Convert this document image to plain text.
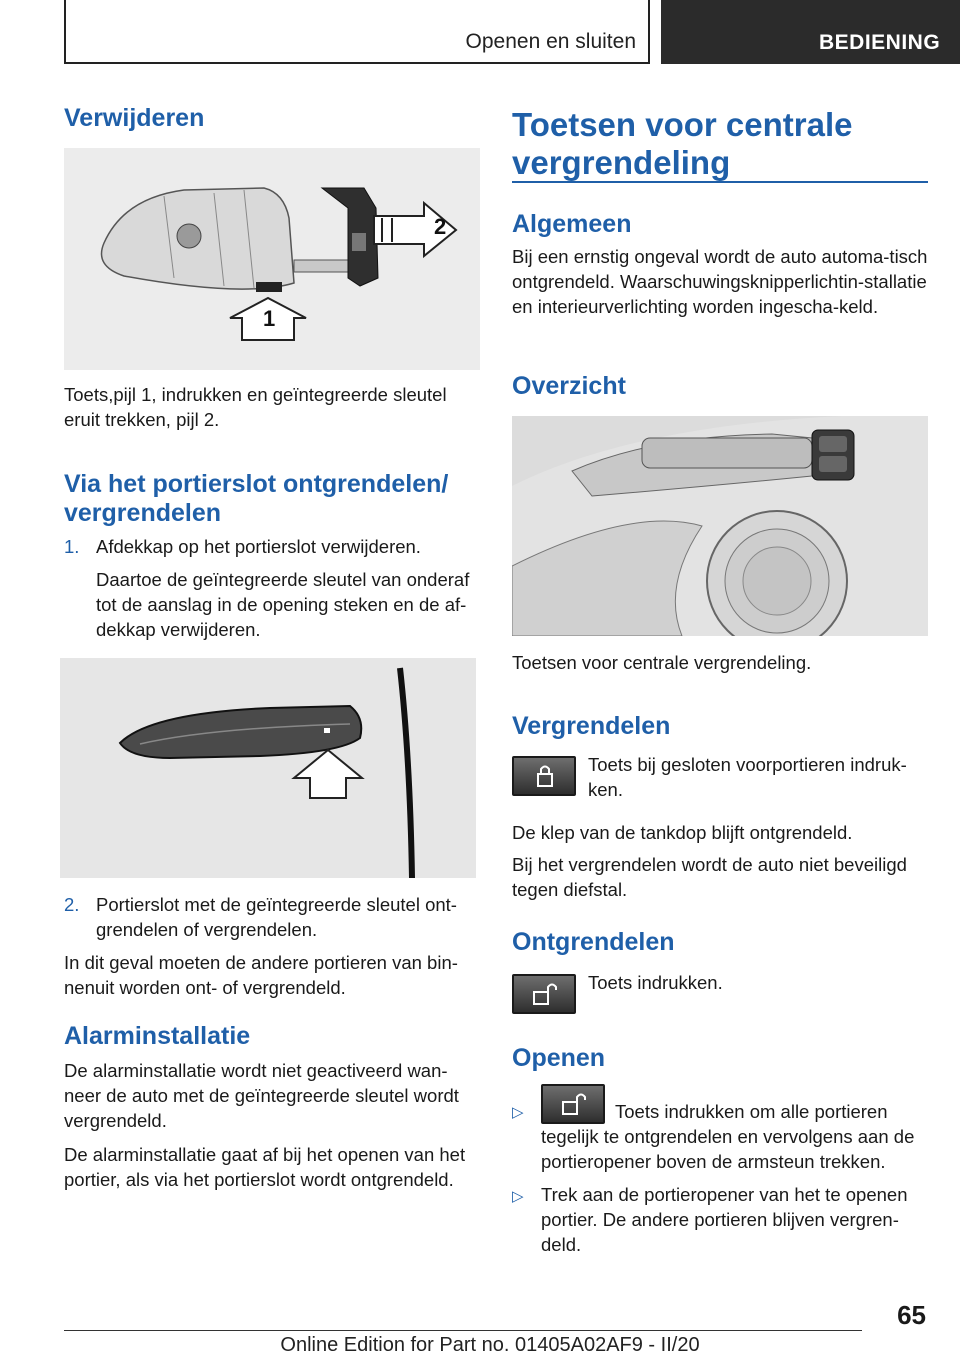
Openen en sluiten	BEDIENING
Verwijderen
2
1
Toets,pijl 1, indrukken en geïntegreerde sleutel eruit trekken, pijl 2.
Via het portierslot ontgrendelen/ vergrendelen
1. Afdekkap op het portierslot verwijderen.
Daartoe de geïntegreerde sleutel van onderaf tot de aanslag in de opening steken en de af-dekkap verwijderen.
2. Portierslot met de geïntegreerde sleutel ont-grendelen of vergrendelen.
In dit geval moeten de andere portieren van bin-nenuit worden ont- of vergrendeld.
Alarminstallatie
De alarminstallatie wordt niet geactiveerd wan-neer de auto met de geïntegreerde sleutel wordt vergrendeld.
De alarminstallatie gaat af bij het openen van het portier, als via het portierslot wordt ontgrendeld.
Toetsen voor centrale vergrendeling
Algemeen
Bij een ernstig ongeval wordt de auto automa-tisch ontgrendeld. Waarschuwingsknipperlichtin-stallatie en interieurverlichting worden ingescha-keld.
Overzicht
Toetsen voor centrale vergrendeling.
Vergrendelen
Toets bij gesloten voorportieren indruk-ken.
De klep van de tankdop blijft ontgrendeld.
Bij het vergrendelen wordt de auto niet beveiligd tegen diefstal.
Ontgrendelen
Toets indrukken.
Openen
▷	Toets indrukken om alle portieren tegelijk te ontgrendelen en vervolgens aan de portieropener boven de armsteun trekken.
▷ Trek aan de portieropener van het te openen portier. De andere portieren blijven vergren-deld.
65
Online Edition for Part no. 01405A02AF9 - II/20
